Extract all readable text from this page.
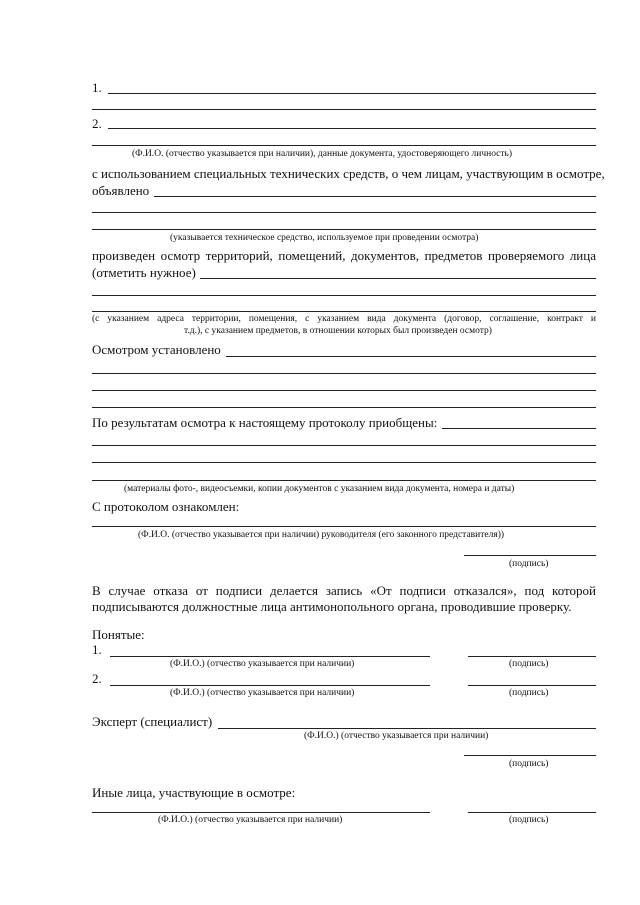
1.
2.
(Ф.И.О. (отчество указывается при наличии), данные документа, удостоверяющего личность)
с использованием специальных технических средств, о чем лицам, участвующим в осмотре,
объявлено
(указывается техническое средство, используемое при проведении осмотра)
произведен осмотр территорий, помещений, документов, предметов проверяемого лица
(отметить нужное)
(с указанием адреса территории, помещения, с указанием вида документа (договор, соглашение, контракт и
т.д.), с указанием предметов, в отношении которых был произведен осмотр)
Осмотром установлено
По результатам осмотра к настоящему протоколу приобщены:
(материалы фото-, видеосъемки, копии документов с указанием вида документа, номера и даты)
С протоколом ознакомлен:
(Ф.И.О. (отчество указывается при наличии) руководителя (его законного представителя))
(подпись)
В случае отказа от подписи делается запись «От подписи отказался», под которой
подписываются должностные лица антимонопольного органа, проводившие проверку.
Понятые:
1.
(Ф.И.О.) (отчество указывается при наличии)	(подпись)
2.
(Ф.И.О.) (отчество указывается при наличии)	(подпись)
Эксперт (специалист)
(Ф.И.О.) (отчество указывается при наличии)
(подпись)
Иные лица, участвующие в осмотре:
(Ф.И.О.) (отчество указывается при наличии)	(подпись)
